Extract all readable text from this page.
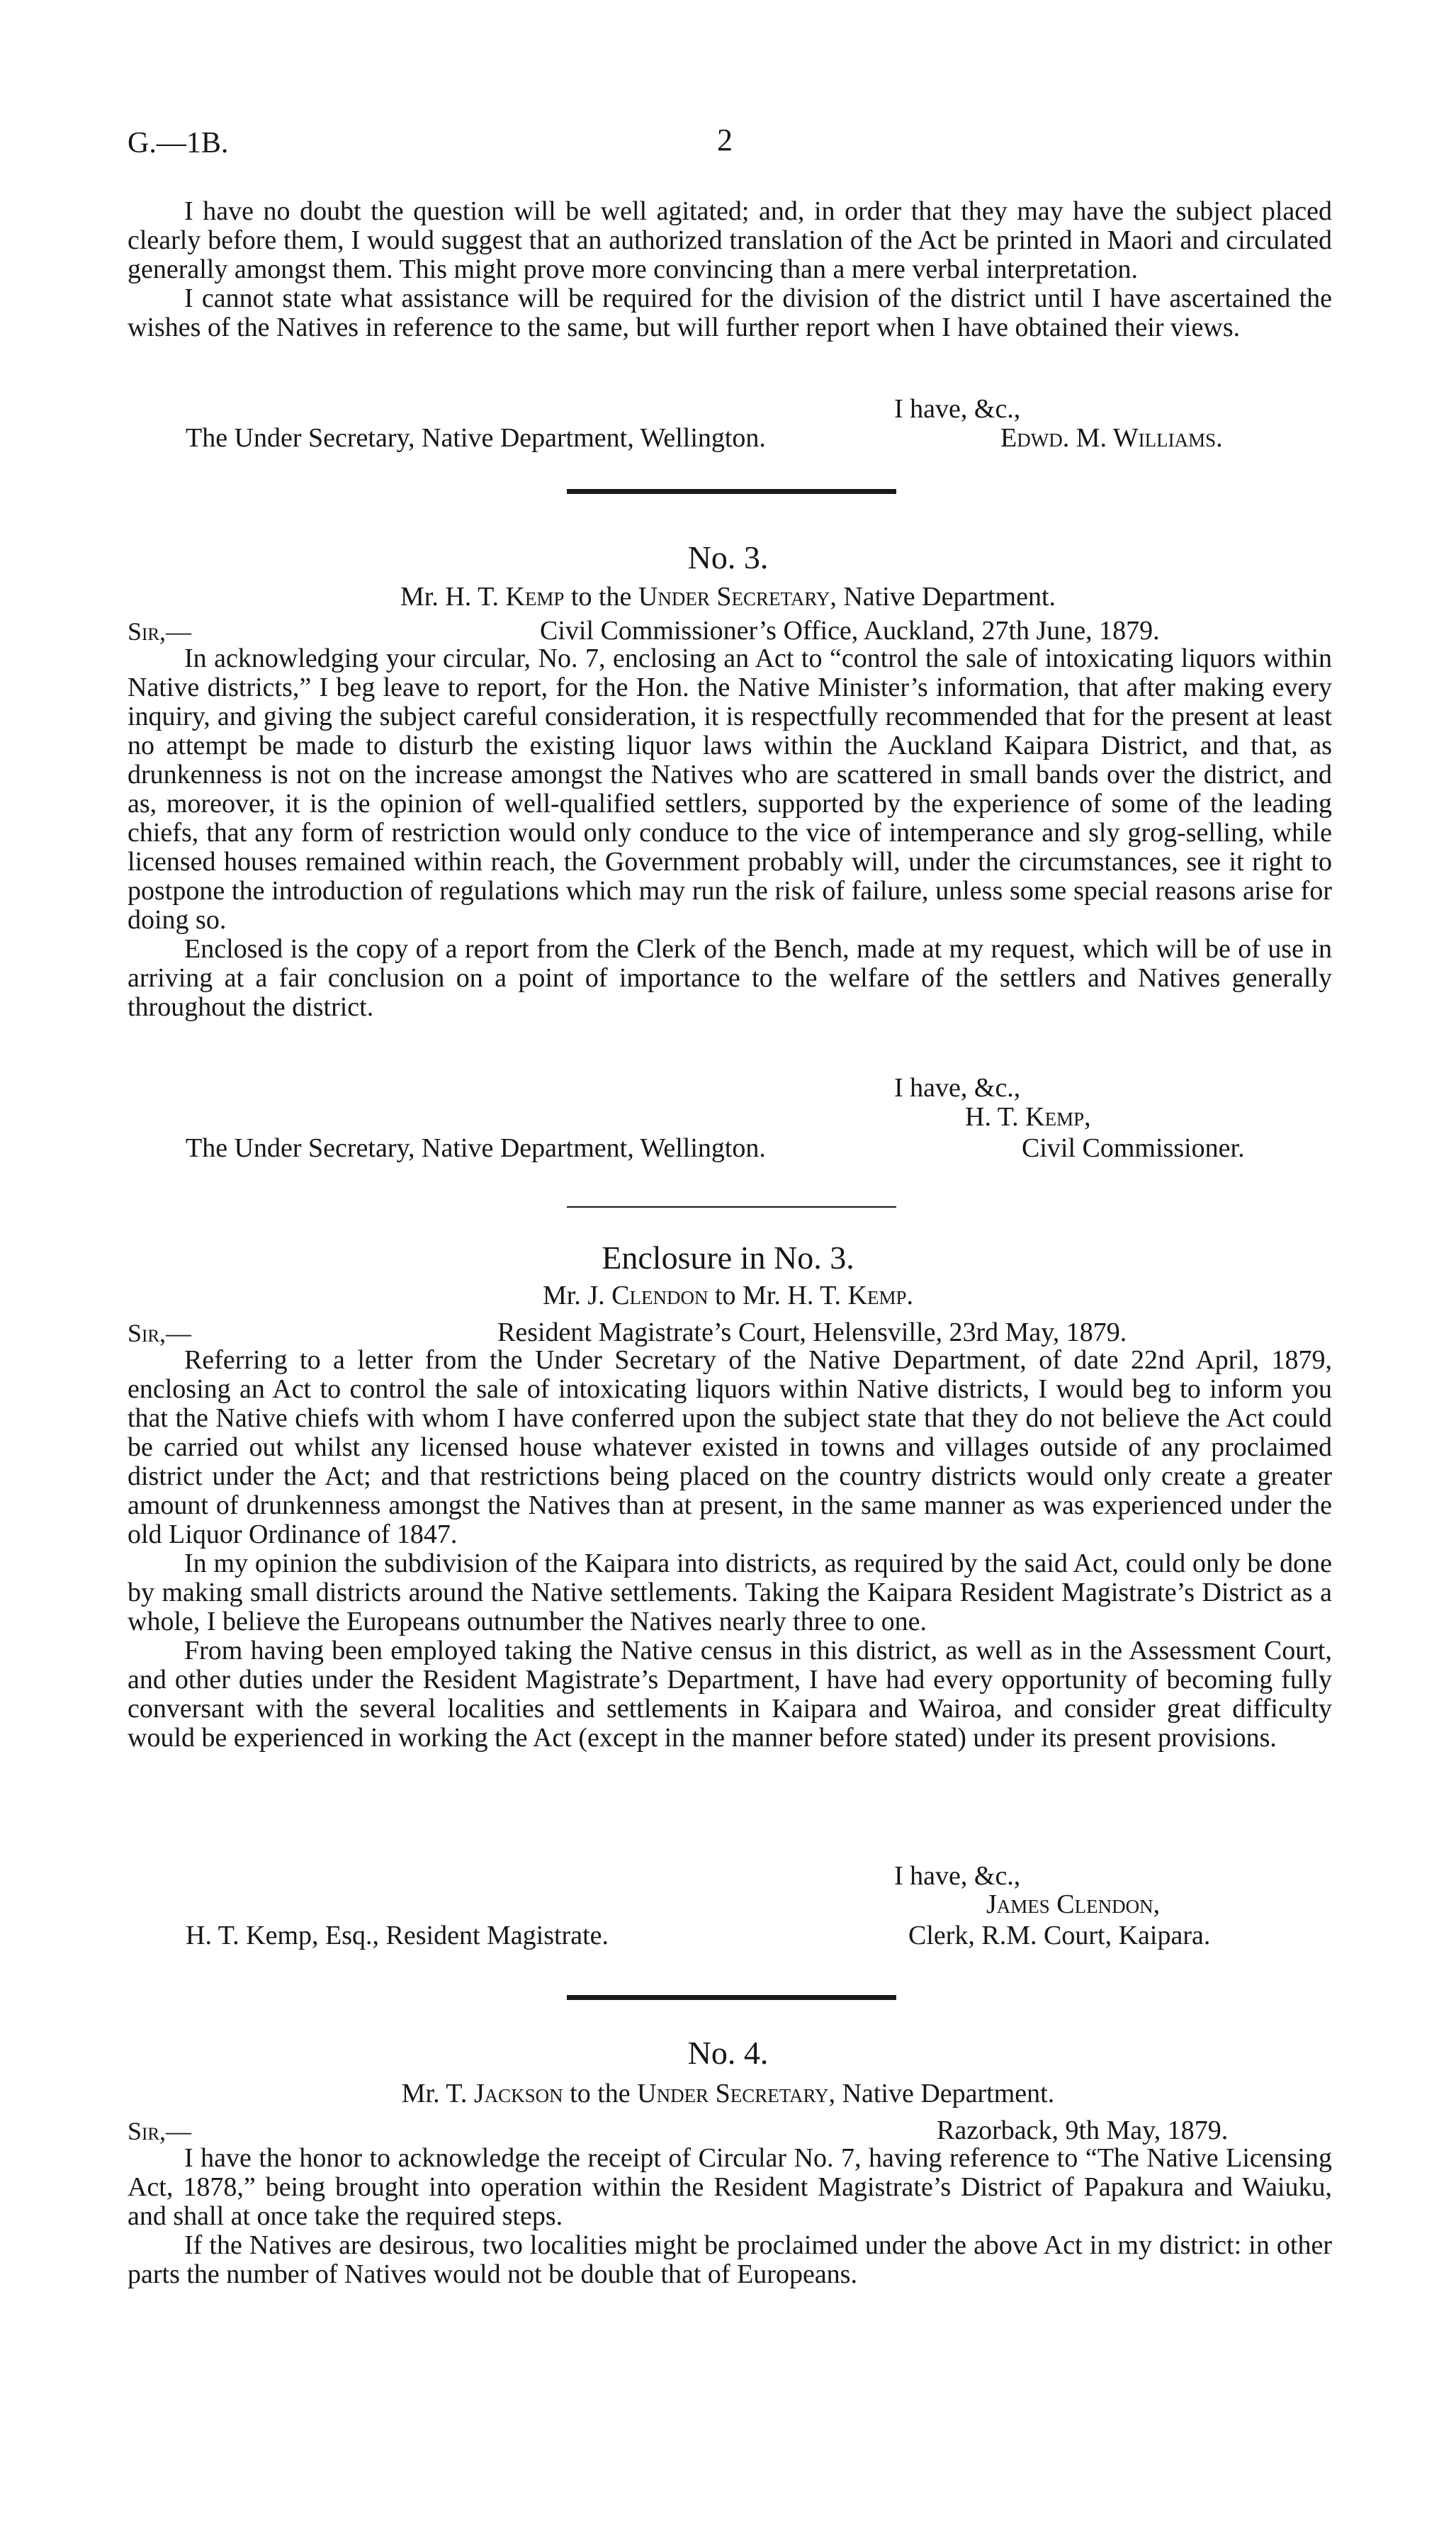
G.—1B.	2

I have no doubt the question will be well agitated; and, in order that they may have the subject placed clearly before them, I would suggest that an authorized translation of the Act be printed in Maori and circulated generally amongst them. This might prove more convincing than a mere verbal interpretation.

I cannot state what assistance will be required for the division of the district until I have ascertained the wishes of the Natives in reference to the same, but will further report when I have obtained their views.

I have, &c.,
The Under Secretary, Native Department, Wellington.	Edwd. M. Williams.
No. 3.
Mr. H. T. Kemp to the Under Secretary, Native Department.
Sir,—	Civil Commissioner’s Office, Auckland, 27th June, 1879.

In acknowledging your circular, No. 7, enclosing an Act to “control the sale of intoxicating liquors within Native districts,” I beg leave to report, for the Hon. the Native Minister’s information, that after making every inquiry, and giving the subject careful consideration, it is respectfully recommended that for the present at least no attempt be made to disturb the existing liquor laws within the Auckland Kaipara District, and that, as drunkenness is not on the increase amongst the Natives who are scattered in small bands over the district, and as, moreover, it is the opinion of well-qualified settlers, supported by the experience of some of the leading chiefs, that any form of restriction would only conduce to the vice of intemperance and sly grog-selling, while licensed houses remained within reach, the Government probably will, under the circumstances, see it right to postpone the introduction of regulations which may run the risk of failure, unless some special reasons arise for doing so.

Enclosed is the copy of a report from the Clerk of the Bench, made at my request, which will be of use in arriving at a fair conclusion on a point of importance to the welfare of the settlers and Natives generally throughout the district.

I have, &c.,
H. T. Kemp,
The Under Secretary, Native Department, Wellington.	Civil Commissioner.
Enclosure in No. 3.
Mr. J. Clendon to Mr. H. T. Kemp.
Sir,—	Resident Magistrate’s Court, Helensville, 23rd May, 1879.

Referring to a letter from the Under Secretary of the Native Department, of date 22nd April, 1879, enclosing an Act to control the sale of intoxicating liquors within Native districts, I would beg to inform you that the Native chiefs with whom I have conferred upon the subject state that they do not believe the Act could be carried out whilst any licensed house whatever existed in towns and villages outside of any proclaimed district under the Act; and that restrictions being placed on the country districts would only create a greater amount of drunkenness amongst the Natives than at present, in the same manner as was experienced under the old Liquor Ordinance of 1847.

In my opinion the subdivision of the Kaipara into districts, as required by the said Act, could only be done by making small districts around the Native settlements. Taking the Kaipara Resident Magistrate’s District as a whole, I believe the Europeans outnumber the Natives nearly three to one.

From having been employed taking the Native census in this district, as well as in the Assessment Court, and other duties under the Resident Magistrate’s Department, I have had every opportunity of becoming fully conversant with the several localities and settlements in Kaipara and Wairoa, and consider great difficulty would be experienced in working the Act (except in the manner before stated) under its present provisions.

I have, &c.,
James Clendon,
H. T. Kemp, Esq., Resident Magistrate.	Clerk, R.M. Court, Kaipara.
No. 4.
Mr. T. Jackson to the Under Secretary, Native Department.
Sir,—	Razorback, 9th May, 1879.

I have the honor to acknowledge the receipt of Circular No. 7, having reference to “The Native Licensing Act, 1878,” being brought into operation within the Resident Magistrate’s District of Papakura and Waiuku, and shall at once take the required steps.

If the Natives are desirous, two localities might be proclaimed under the above Act in my district: in other parts the number of Natives would not be double that of Europeans.
